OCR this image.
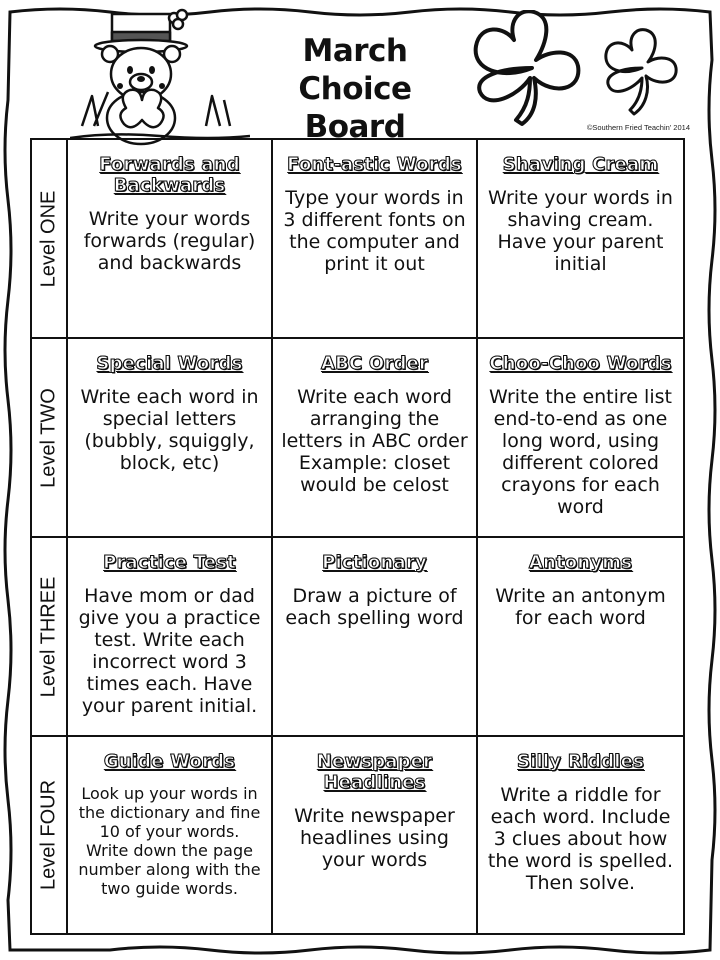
March
Choice Board	©Southern Fried Teachin' 2014
Level ONE
Forwards and Backwards

Write your words forwards (regular) and backwards

Font-astic Words

Type your words in 3 different fonts on the computer and print it out

Shaving Cream

Write your words in shaving cream. Have your parent initial

Level TWO
Special Words

Write each word in special letters (bubbly, squiggly, block, etc)

ABC Order

Write each word arranging the letters in ABC order Example: closet would be celost

Choo-Choo Words

Write the entire list end-to-end as one long word, using different colored crayons for each word

Level THREE
Practice Test

Have mom or dad give you a practice test. Write each incorrect word 3 times each. Have your parent initial.

Pictionary

Draw a picture of each spelling word

Antonyms

Write an antonym for each word

Level FOUR
Guide Words

Look up your words in the dictionary and fine 10 of your words. Write down the page number along with the two guide words.

Newspaper Headlines

Write newspaper headlines using your words

Silly Riddles

Write a riddle for each word. Include 3 clues about how the word is spelled. Then solve.
